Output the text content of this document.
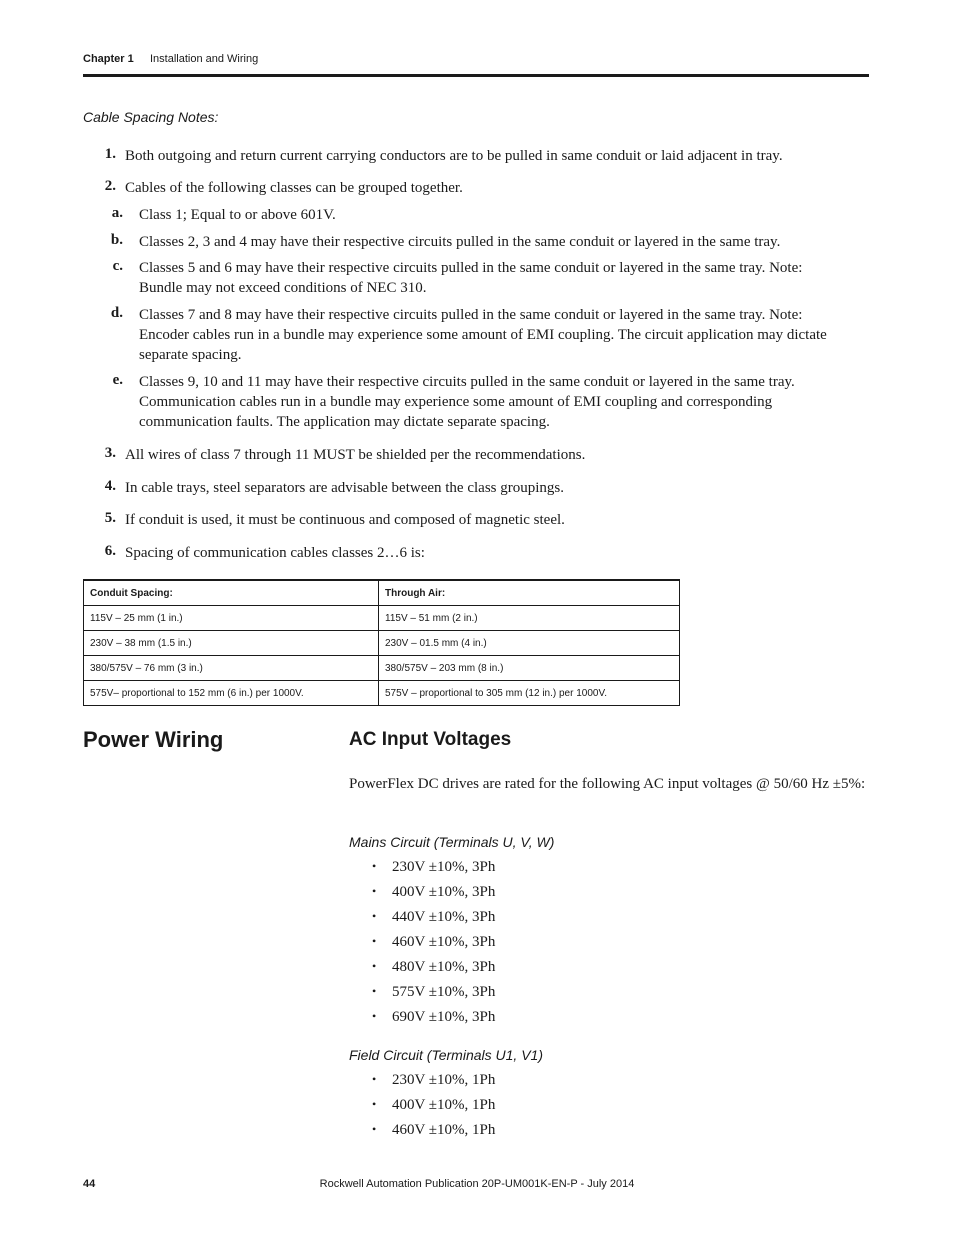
Chapter 1 Installation and Wiring
Cable Spacing Notes:
1. Both outgoing and return current carrying conductors are to be pulled in same conduit or laid adjacent in tray.
2. Cables of the following classes can be grouped together.
a. Class 1; Equal to or above 601V.
b. Classes 2, 3 and 4 may have their respective circuits pulled in the same conduit or layered in the same tray.
c. Classes 5 and 6 may have their respective circuits pulled in the same conduit or layered in the same tray. Note:
Bundle may not exceed conditions of NEC 310.
d. Classes 7 and 8 may have their respective circuits pulled in the same conduit or layered in the same tray. Note:
Encoder cables run in a bundle may experience some amount of EMI coupling. The circuit application may dictate
separate spacing.
e. Classes 9, 10 and 11 may have their respective circuits pulled in the same conduit or layered in the same tray.
Communication cables run in a bundle may experience some amount of EMI coupling and corresponding
communication faults. The application may dictate separate spacing.
3. All wires of class 7 through 11 MUST be shielded per the recommendations.
4. In cable trays, steel separators are advisable between the class groupings.
5. If conduit is used, it must be continuous and composed of magnetic steel.
6. Spacing of communication cables classes 2…6 is:
Conduit Spacing:	Through Air:
115V – 25 mm (1 in.)	115V – 51 mm (2 in.)
230V – 38 mm (1.5 in.)	230V – 01.5 mm (4 in.)
380/575V – 76 mm (3 in.)	380/575V – 203 mm (8 in.)
575V– proportional to 152 mm (6 in.) per 1000V.	575V – proportional to 305 mm (12 in.) per 1000V.
Power Wiring	AC Input Voltages
PowerFlex DC drives are rated for the following AC input voltages @ 50/60 Hz ±5%:
Mains Circuit (Terminals U, V, W)
• 230V ±10%, 3Ph
• 400V ±10%, 3Ph
• 440V ±10%, 3Ph
• 460V ±10%, 3Ph
• 480V ±10%, 3Ph
• 575V ±10%, 3Ph
• 690V ±10%, 3Ph
Field Circuit (Terminals U1, V1)
• 230V ±10%, 1Ph
• 400V ±10%, 1Ph
• 460V ±10%, 1Ph
Rockwell Automation Publication 20P-UM001K-EN-P - July 2014
44
